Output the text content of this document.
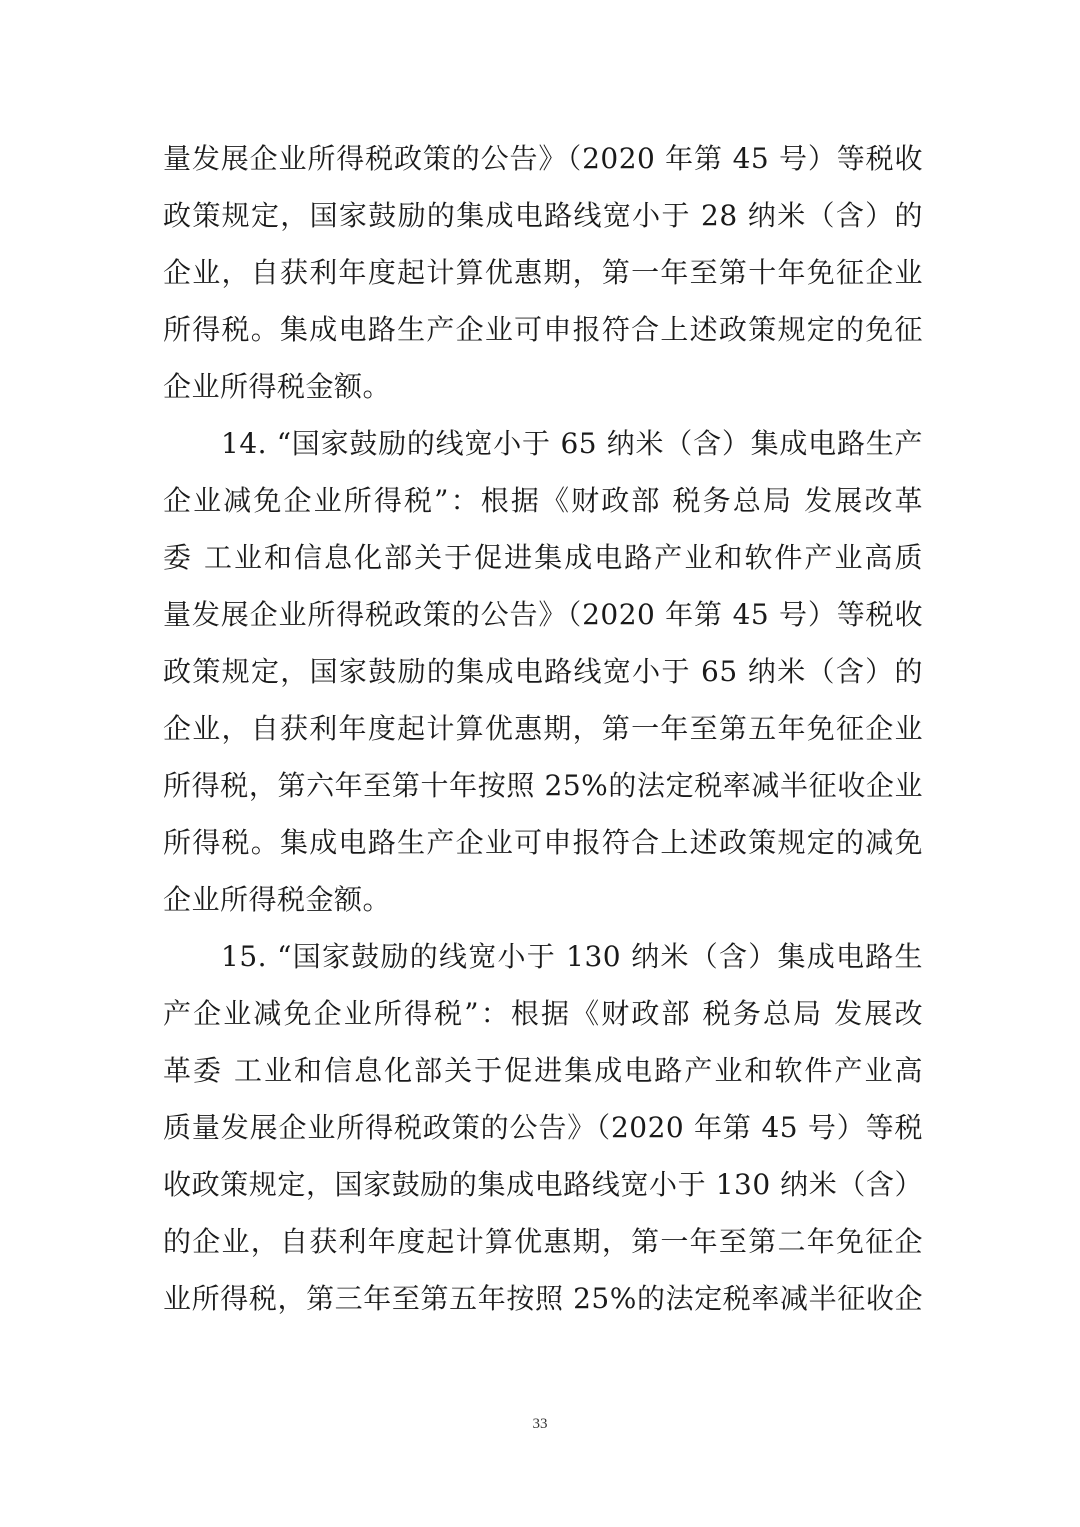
量发展企业所得税政策的公告》（2020 年第 45 号）等税收
政策规定，国家鼓励的集成电路线宽小于 28 纳米（含）的
企业，自获利年度起计算优惠期，第一年至第十年免征企业
所得税。集成电路生产企业可申报符合上述政策规定的免征
企业所得税金额。
14. “国家鼓励的线宽小于 65 纳米（含）集成电路生产
企业减免企业所得税”：根据《财政部 税务总局 发展改革
委 工业和信息化部关于促进集成电路产业和软件产业高质
量发展企业所得税政策的公告》（2020 年第 45 号）等税收
政策规定，国家鼓励的集成电路线宽小于 65 纳米（含）的
企业，自获利年度起计算优惠期，第一年至第五年免征企业
所得税，第六年至第十年按照 25%的法定税率减半征收企业
所得税。集成电路生产企业可申报符合上述政策规定的减免
企业所得税金额。
15. “国家鼓励的线宽小于 130 纳米（含）集成电路生
产企业减免企业所得税”：根据《财政部 税务总局 发展改
革委 工业和信息化部关于促进集成电路产业和软件产业高
质量发展企业所得税政策的公告》（2020 年第 45 号）等税
收政策规定，国家鼓励的集成电路线宽小于 130 纳米（含）
的企业，自获利年度起计算优惠期，第一年至第二年免征企
业所得税，第三年至第五年按照 25%的法定税率减半征收企
33
